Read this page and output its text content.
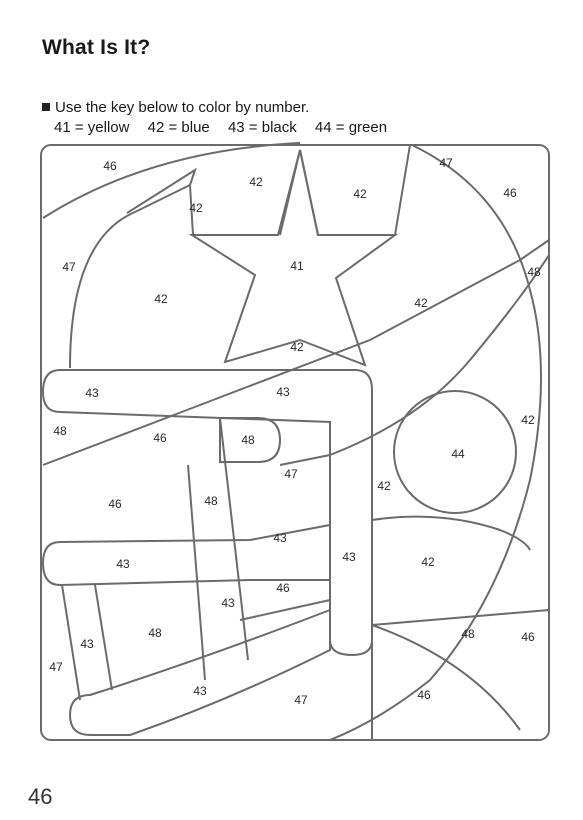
What Is It?
Use the key below to color by number.
41 = yellow 42 = blue 43 = black 44 = green
46
42
47
46
42
42
47	41	48
42	42
42
43	43
48	46	48
42
47
44
46	48
42
43
43	43	42
46
43
48	46
43
47
48
43
47	46
46
